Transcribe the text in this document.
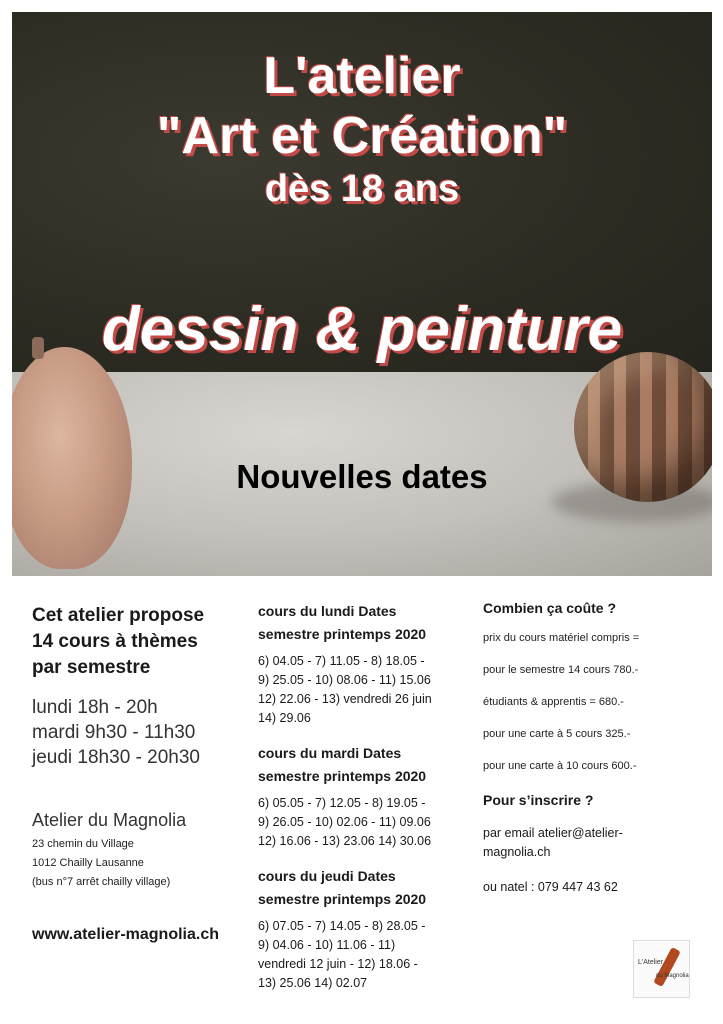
L'atelier
"Art et Création"
dès 18 ans
dessin & peinture
Nouvelles dates

Cet atelier propose
14 cours à thèmes
par semestre

lundi 18h - 20h
mardi 9h30 - 11h30
jeudi 18h30 - 20h30
Atelier du Magnolia
23 chemin du Village
1012 Chailly Lausanne
(bus n°7 arrêt chailly village)
www.atelier-magnolia.ch

cours du lundi Dates

semestre printemps 2020

6) 04.05 - 7) 11.05 - 8) 18.05 -
9) 25.05 - 10) 08.06 - 11) 15.06
12) 22.06 - 13) vendredi 26 juin
14) 29.06

cours du mardi Dates

semestre printemps 2020

6) 05.05 - 7) 12.05 - 8) 19.05 -
9) 26.05 - 10) 02.06 - 11) 09.06
12) 16.06 - 13) 23.06 14) 30.06

cours du jeudi Dates

semestre printemps 2020

6) 07.05 - 7) 14.05 - 8) 28.05 -
9) 04.06 - 10) 11.06 - 11)
vendredi 12 juin - 12) 18.06 -
13) 25.06 14) 02.07

Combien ça coûte ?

prix du cours matériel compris =

pour le semestre 14 cours 780.-

étudiants & apprentis = 680.-

pour une carte à 5 cours 325.-

pour une carte à 10 cours 600.-

Pour s’inscrire ?

par email atelier@atelier-
magnolia.ch

ou natel : 079 447 43 62
L'Atelier
du Magnolia
